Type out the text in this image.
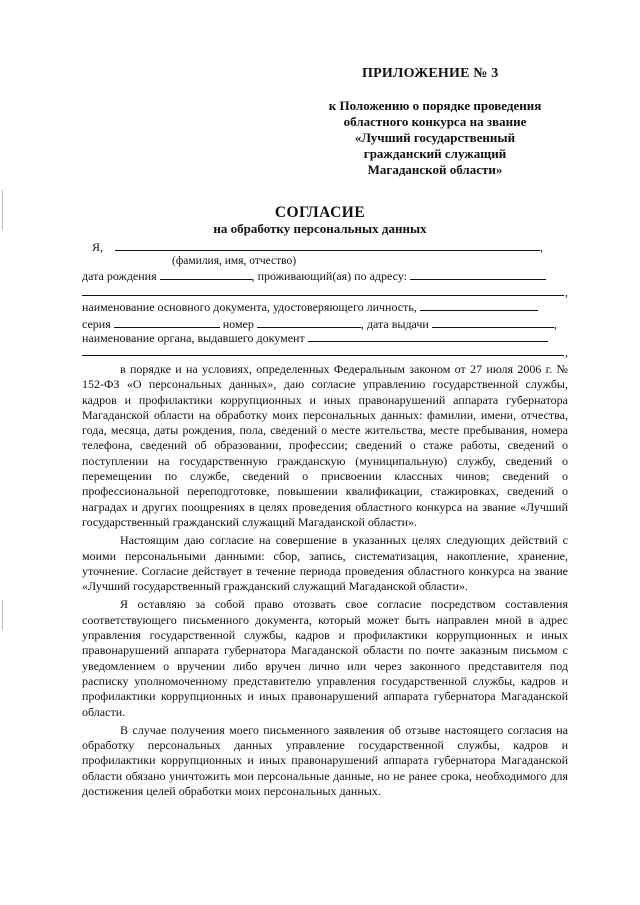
ПРИЛОЖЕНИЕ № 3
к Положению о порядке проведения
областного конкурса на звание
«Лучший государственный
гражданский служащий
Магаданской области»
СОГЛАСИЕ
на обработку персональных данных
Я,	,
(фамилия, имя, отчество)
дата рождения	, проживающий(ая) по адресу:
,
наименование основного документа, удостоверяющего личность,
серия	номер	, дата выдачи	,
наименование органа, выдавшего документ
,

в порядке и на условиях, определенных Федеральным законом от 27 июля 2006 г. № 152-ФЗ «О персональных данных», даю согласие управлению государственной службы, кадров и профилактики коррупционных и иных правонарушений аппарата губернатора Магаданской области на обработку моих персональных данных: фамилии, имени, отчества, года, месяца, даты рождения, пола, сведений о месте жительства, месте пребывания, номера телефона, сведений об образовании, профессии; сведений о стаже работы, сведений о поступлении на государственную гражданскую (муниципальную) службу, сведений о перемещении по службе, сведений о присвоении классных чинов; сведений о профессиональной переподготовке, повышении квалификации, стажировках, сведений о наградах и других поощрениях в целях проведения областного конкурса на звание «Лучший государственный гражданский служащий Магаданской области».

Настоящим даю согласие на совершение в указанных целях следующих действий с моими персональными данными: сбор, запись, систематизация, накопление, хранение, уточнение. Согласие действует в течение периода проведения областного конкурса на звание «Лучший государственный гражданский служащий Магаданской области».

Я оставляю за собой право отозвать свое согласие посредством составления соответствующего письменного документа, который может быть направлен мной в адрес управления государственной службы, кадров и профилактики коррупционных и иных правонарушений аппарата губернатора Магаданской области по почте заказным письмом с уведомлением о вручении либо вручен лично или через законного представителя под расписку уполномоченному представителю управления государственной службы, кадров и профилактики коррупционных и иных правонарушений аппарата губернатора Магаданской области.

В случае получения моего письменного заявления об отзыве настоящего согласия на обработку персональных данных управление государственной службы, кадров и профилактики коррупционных и иных правонарушений аппарата губернатора Магаданской области обязано уничтожить мои персональные данные, но не ранее срока, необходимого для достижения целей обработки моих персональных данных.
